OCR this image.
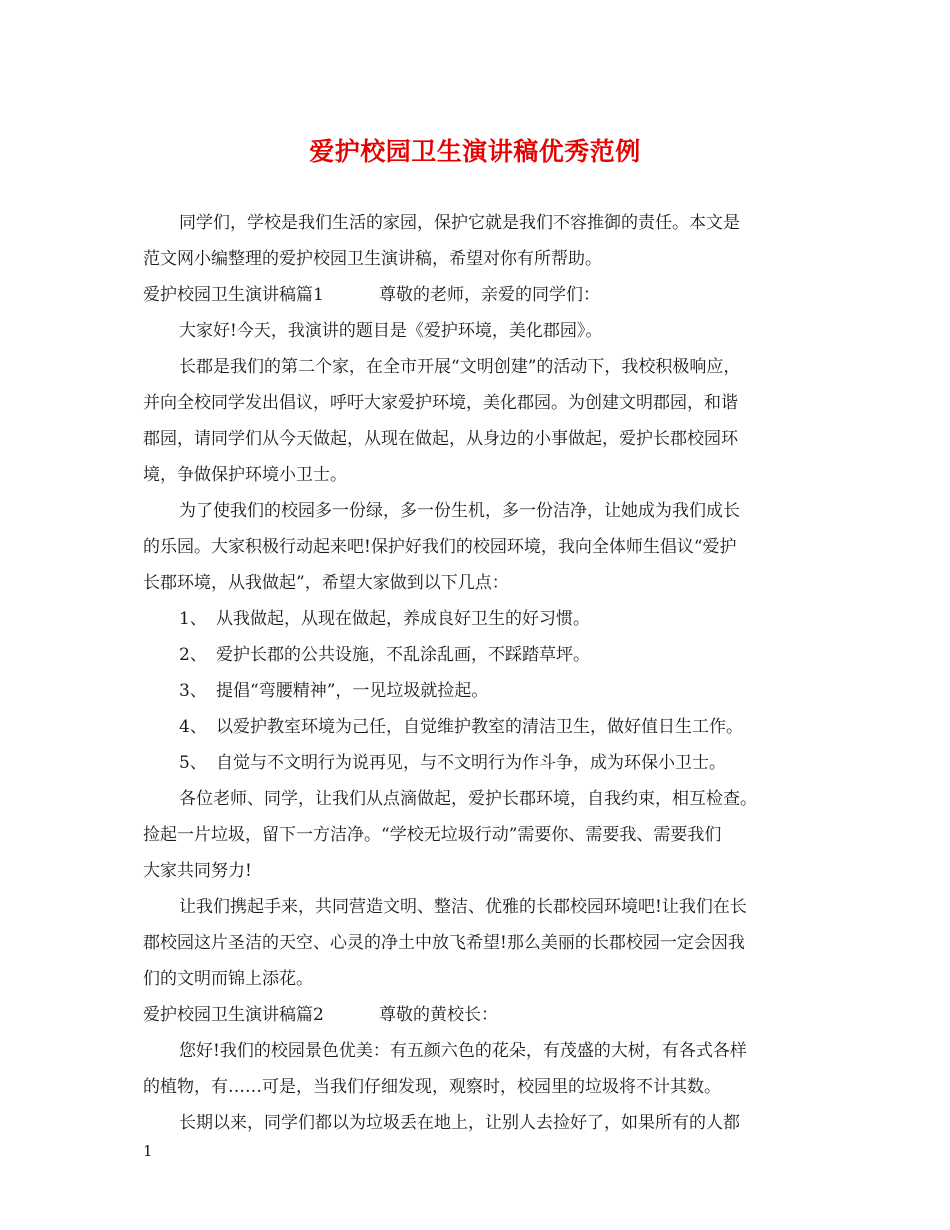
爱护校园卫生演讲稿优秀范例
同学们，学校是我们生活的家园，保护它就是我们不容推御的责任。本文是
范文网小编整理的爱护校园卫生演讲稿，希望对你有所帮助。
爱护校园卫生演讲稿篇1	尊敬的老师，亲爱的同学们：
大家好!今天，我演讲的题目是《爱护环境，美化郡园》。
长郡是我们的第二个家，在全市开展“文明创建”的活动下，我校积极响应，
并向全校同学发出倡议，呼吁大家爱护环境，美化郡园。为创建文明郡园，和谐
郡园，请同学们从今天做起，从现在做起，从身边的小事做起，爱护长郡校园环
境，争做保护环境小卫士。
为了使我们的校园多一份绿，多一份生机，多一份洁净，让她成为我们成长
的乐园。大家积极行动起来吧!保护好我们的校园环境，我向全体师生倡议“爱护
长郡环境，从我做起”，希望大家做到以下几点：
1、 从我做起，从现在做起，养成良好卫生的好习惯。
2、 爱护长郡的公共设施，不乱涂乱画，不踩踏草坪。
3、 提倡“弯腰精神”，一见垃圾就捡起。
4、 以爱护教室环境为己任，自觉维护教室的清洁卫生，做好值日生工作。
5、 自觉与不文明行为说再见，与不文明行为作斗争，成为环保小卫士。
各位老师、同学，让我们从点滴做起，爱护长郡环境，自我约束，相互检查。
捡起一片垃圾，留下一方洁净。“学校无垃圾行动”需要你、需要我、需要我们
大家共同努力!
让我们携起手来，共同营造文明、整洁、优雅的长郡校园环境吧!让我们在长
郡校园这片圣洁的天空、心灵的净土中放飞希望!那么美丽的长郡校园一定会因我
们的文明而锦上添花。
爱护校园卫生演讲稿篇2	尊敬的黄校长：
您好!我们的校园景色优美：有五颜六色的花朵，有茂盛的大树，有各式各样
的植物，有……可是，当我们仔细发现，观察时，校园里的垃圾将不计其数。
长期以来，同学们都以为垃圾丢在地上，让别人去捡好了，如果所有的人都
1
